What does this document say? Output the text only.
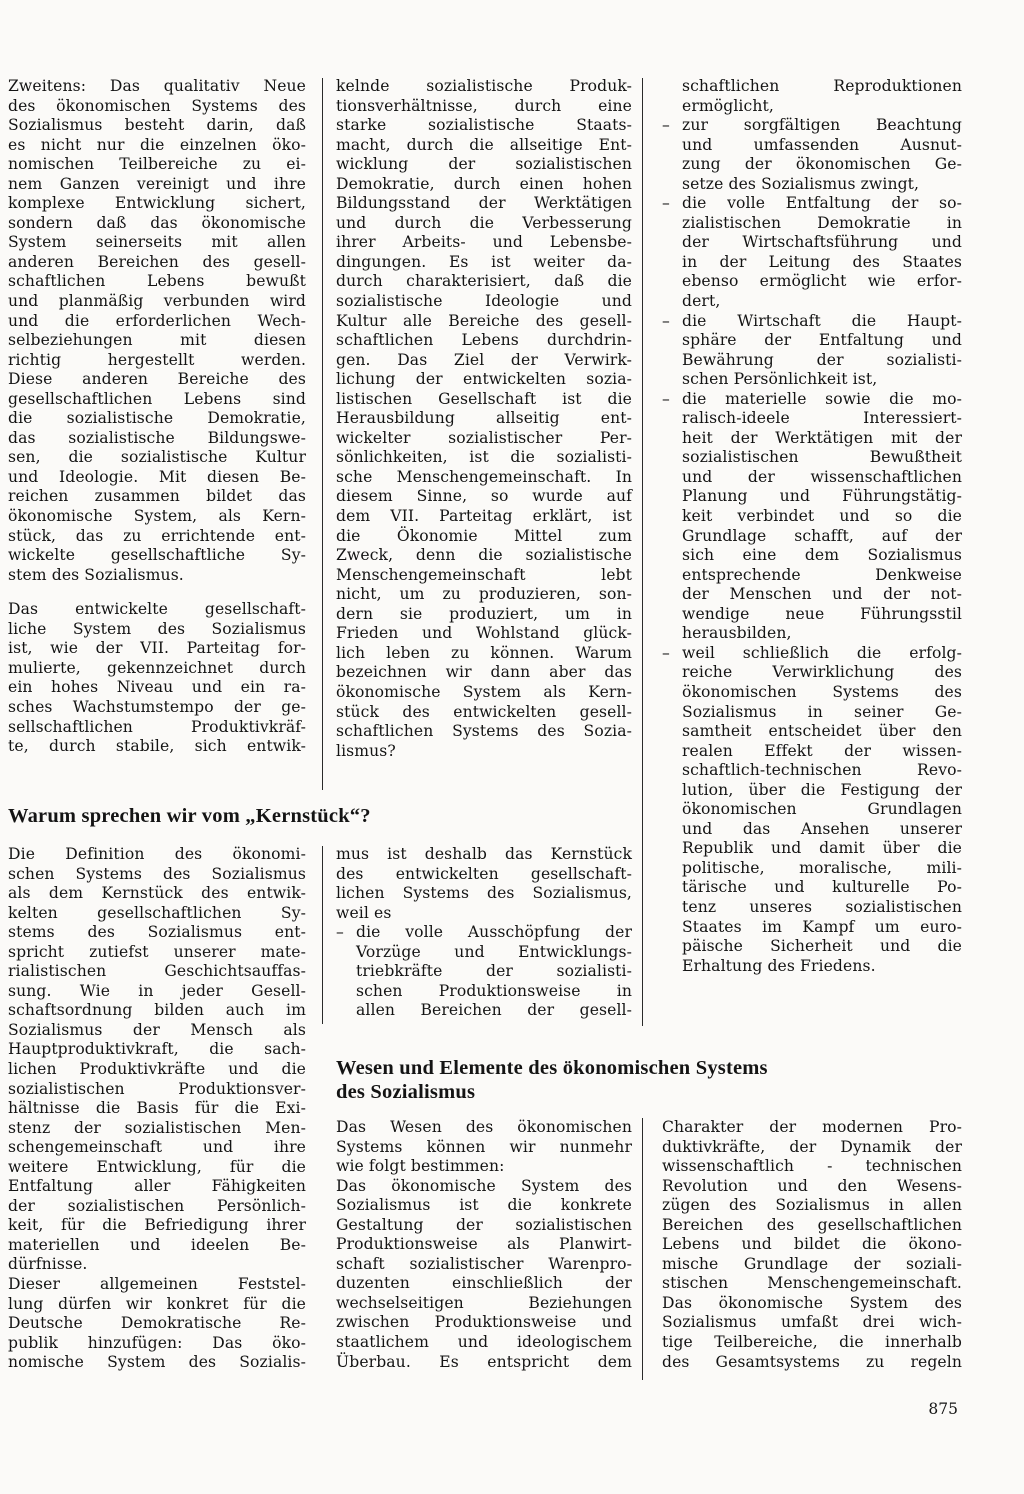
Zweitens: Das qualitativ Neue

des ökonomischen Systems des

Sozialismus besteht darin, daß

es nicht nur die einzelnen öko-

nomischen Teilbereiche zu ei-

nem Ganzen vereinigt und ihre

komplexe Entwicklung sichert,

sondern daß das ökonomische

System seinerseits mit allen

anderen Bereichen des gesell-

schaftlichen Lebens bewußt

und planmäßig verbunden wird

und die erforderlichen Wech-

selbeziehungen mit diesen

richtig hergestellt werden.

Diese anderen Bereiche des

gesellschaftlichen Lebens sind

die sozialistische Demokratie,

das sozialistische Bildungswe-

sen, die sozialistische Kultur

und Ideologie. Mit diesen Be-

reichen zusammen bildet das

ökonomische System, als Kern-

stück, das zu errichtende ent-

wickelte gesellschaftliche Sy-

stem des Sozialismus.

Das entwickelte gesellschaft-

liche System des Sozialismus

ist, wie der VII. Parteitag for-

mulierte, gekennzeichnet durch

ein hohes Niveau und ein ra-

sches Wachstumstempo der ge-

sellschaftlichen Produktivkräf-

te, durch stabile, sich entwik-

kelnde sozialistische Produk-

tionsverhältnisse, durch eine

starke sozialistische Staats-

macht, durch die allseitige Ent-

wicklung der sozialistischen

Demokratie, durch einen hohen

Bildungsstand der Werktätigen

und durch die Verbesserung

ihrer Arbeits- und Lebensbe-

dingungen. Es ist weiter da-

durch charakterisiert, daß die

sozialistische Ideologie und

Kultur alle Bereiche des gesell-

schaftlichen Lebens durchdrin-

gen. Das Ziel der Verwirk-

lichung der entwickelten sozia-

listischen Gesellschaft ist die

Herausbildung allseitig ent-

wickelter sozialistischer Per-

sönlichkeiten, ist die sozialisti-

sche Menschengemeinschaft. In

diesem Sinne, so wurde auf

dem VII. Parteitag erklärt, ist

die Ökonomie Mittel zum

Zweck, denn die sozialistische

Menschengemeinschaft lebt

nicht, um zu produzieren, son-

dern sie produziert, um in

Frieden und Wohlstand glück-

lich leben zu können. Warum

bezeichnen wir dann aber das

ökonomische System als Kern-

stück des entwickelten gesell-

schaftlichen Systems des Sozia-

lismus?

schaftlichen Reproduktionen

ermöglicht,

– zur sorgfältigen Beachtung

und umfassenden Ausnut-

zung der ökonomischen Ge-

setze des Sozialismus zwingt,

– die volle Entfaltung der so-

zialistischen Demokratie in

der Wirtschaftsführung und

in der Leitung des Staates

ebenso ermöglicht wie erfor-

dert,

– die Wirtschaft die Haupt-

sphäre der Entfaltung und

Bewährung der sozialisti-

schen Persönlichkeit ist,

– die materielle sowie die mo-

ralisch-ideele Interessiert-

heit der Werktätigen mit der

sozialistischen Bewußtheit

und der wissenschaftlichen

Planung und Führungstätig-

keit verbindet und so die

Grundlage schafft, auf der

sich eine dem Sozialismus

entsprechende Denkweise

der Menschen und der not-

wendige neue Führungsstil

herausbilden,

– weil schließlich die erfolg-

reiche Verwirklichung des

ökonomischen Systems des

Sozialismus in seiner Ge-

samtheit entscheidet über den

realen Effekt der wissen-

schaftlich-technischen Revo-

lution, über die Festigung der

ökonomischen Grundlagen

und das Ansehen unserer

Republik und damit über die

politische, moralische, mili-

tärische und kulturelle Po-

tenz unseres sozialistischen

Staates im Kampf um euro-

päische Sicherheit und die

Erhaltung des Friedens.

Warum sprechen wir vom „Kernstück“?

Die Definition des ökonomi-

schen Systems des Sozialismus

als dem Kernstück des entwik-

kelten gesellschaftlichen Sy-

stems des Sozialismus ent-

spricht zutiefst unserer mate-

rialistischen Geschichtsauffas-

sung. Wie in jeder Gesell-

schaftsordnung bilden auch im

Sozialismus der Mensch als

Hauptproduktivkraft, die sach-

lichen Produktivkräfte und die

sozialistischen Produktionsver-

hältnisse die Basis für die Exi-

stenz der sozialistischen Men-

schengemeinschaft und ihre

weitere Entwicklung, für die

Entfaltung aller Fähigkeiten

der sozialistischen Persönlich-

keit, für die Befriedigung ihrer

materiellen und ideelen Be-

dürfnisse.

Dieser allgemeinen Feststel-

lung dürfen wir konkret für die

Deutsche Demokratische Re-

publik hinzufügen: Das öko-

nomische System des Sozialis-

mus ist deshalb das Kernstück

des entwickelten gesellschaft-

lichen Systems des Sozialismus,

weil es

– die volle Ausschöpfung der

Vorzüge und Entwicklungs-

triebkräfte der sozialisti-

schen Produktionsweise in

allen Bereichen der gesell-

Wesen und Elemente des ökonomischen Systems
des Sozialismus

Das Wesen des ökonomischen

Systems können wir nunmehr

wie folgt bestimmen:

Das ökonomische System des

Sozialismus ist die konkrete

Gestaltung der sozialistischen

Produktionsweise als Planwirt-

schaft sozialistischer Warenpro-

duzenten einschließlich der

wechselseitigen Beziehungen

zwischen Produktionsweise und

staatlichem und ideologischem

Überbau. Es entspricht dem

Charakter der modernen Pro-

duktivkräfte, der Dynamik der

wissenschaftlich - technischen

Revolution und den Wesens-

zügen des Sozialismus in allen

Bereichen des gesellschaftlichen

Lebens und bildet die ökono-

mische Grundlage der soziali-

stischen Menschengemeinschaft.

Das ökonomische System des

Sozialismus umfaßt drei wich-

tige Teilbereiche, die innerhalb

des Gesamtsystems zu regeln

875
